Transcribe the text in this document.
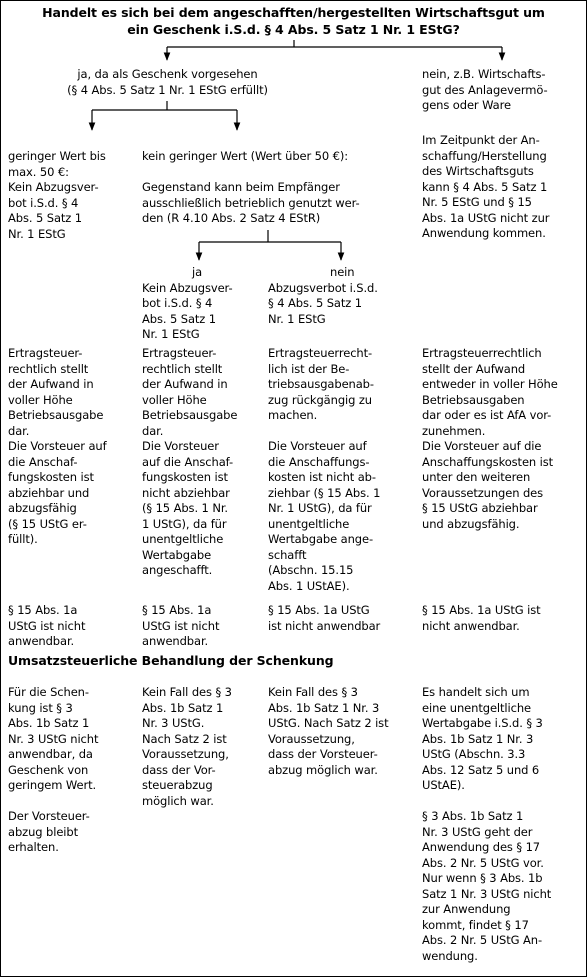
Handelt es sich bei dem angeschafften/hergestellten Wirtschaftsgut um
ein Geschenk i.S.d. § 4 Abs. 5 Satz 1 Nr. 1 EStG?
ja, da als Geschenk vorgesehen
(§ 4 Abs. 5 Satz 1 Nr. 1 EStG erfüllt)
nein, z.B. Wirtschafts-
gut des Anlagevermö-
gens oder Ware
Im Zeitpunkt der An-
schaffung/Herstellung
des Wirtschaftsguts
kann § 4 Abs. 5 Satz 1
Nr. 5 EStG und § 15
Abs. 1a UStG nicht zur
Anwendung kommen.
geringer Wert bis
max. 50 €:
Kein Abzugsver-
bot i.S.d. § 4
Abs. 5 Satz 1
Nr. 1 EStG
kein geringer Wert (Wert über 50 €):
Gegenstand kann beim Empfänger
ausschließlich betrieblich genutzt wer-
den (R 4.10 Abs. 2 Satz 4 EStR)
ja
Kein Abzugsver-
bot i.S.d. § 4
Abs. 5 Satz 1
Nr. 1 EStG
nein
Abzugsverbot i.S.d.
§ 4 Abs. 5 Satz 1
Nr. 1 EStG
Ertragsteuer-
rechtlich stellt
der Aufwand in
voller Höhe
Betriebsausgabe
dar.
Die Vorsteuer auf
die Anschaf-
fungskosten ist
abziehbar und
abzugsfähig
(§ 15 UStG er-
füllt).
Ertragsteuer-
rechtlich stellt
der Aufwand in
voller Höhe
Betriebsausgabe
dar.
Die Vorsteuer
auf die Anschaf-
fungskosten ist
nicht abziehbar
(§ 15 Abs. 1 Nr.
1 UStG), da für
unentgeltliche
Wertabgabe
angeschafft.
Ertragsteuerrecht-
lich ist der Be-
triebsausgabenab-
zug rückgängig zu
machen.

Die Vorsteuer auf
die Anschaffungs-
kosten ist nicht ab-
ziehbar (§ 15 Abs. 1
Nr. 1 UStG), da für
unentgeltliche
Wertabgabe ange-
schafft
(Abschn. 15.15
Abs. 1 UStAE).
Ertragsteuerrechtlich
stellt der Aufwand
entweder in voller Höhe
Betriebsausgaben
dar oder es ist AfA vor-
zunehmen.
Die Vorsteuer auf die
Anschaffungskosten ist
unter den weiteren
Voraussetzungen des
§ 15 UStG abziehbar
und abzugsfähig.
§ 15 Abs. 1a
UStG ist nicht
anwendbar.
§ 15 Abs. 1a
UStG ist nicht
anwendbar.
§ 15 Abs. 1a UStG
ist nicht anwendbar
§ 15 Abs. 1a UStG ist
nicht anwendbar.
Umsatzsteuerliche Behandlung der Schenkung
Für die Schen-
kung ist § 3
Abs. 1b Satz 1
Nr. 3 UStG nicht
anwendbar, da
Geschenk von
geringem Wert.

Der Vorsteuer-
abzug bleibt
erhalten.
Kein Fall des § 3
Abs. 1b Satz 1
Nr. 3 UStG.
Nach Satz 2 ist
Voraussetzung,
dass der Vor-
steuerabzug
möglich war.
Kein Fall des § 3
Abs. 1b Satz 1 Nr. 3
UStG. Nach Satz 2 ist
Voraussetzung,
dass der Vorsteuer-
abzug möglich war.
Es handelt sich um
eine unentgeltliche
Wertabgabe i.S.d. § 3
Abs. 1b Satz 1 Nr. 3
UStG (Abschn. 3.3
Abs. 12 Satz 5 und 6
UStAE).

§ 3 Abs. 1b Satz 1
Nr. 3 UStG geht der
Anwendung des § 17
Abs. 2 Nr. 5 UStG vor.
Nur wenn § 3 Abs. 1b
Satz 1 Nr. 3 UStG nicht
zur Anwendung
kommt, findet § 17
Abs. 2 Nr. 5 UStG An-
wendung.
